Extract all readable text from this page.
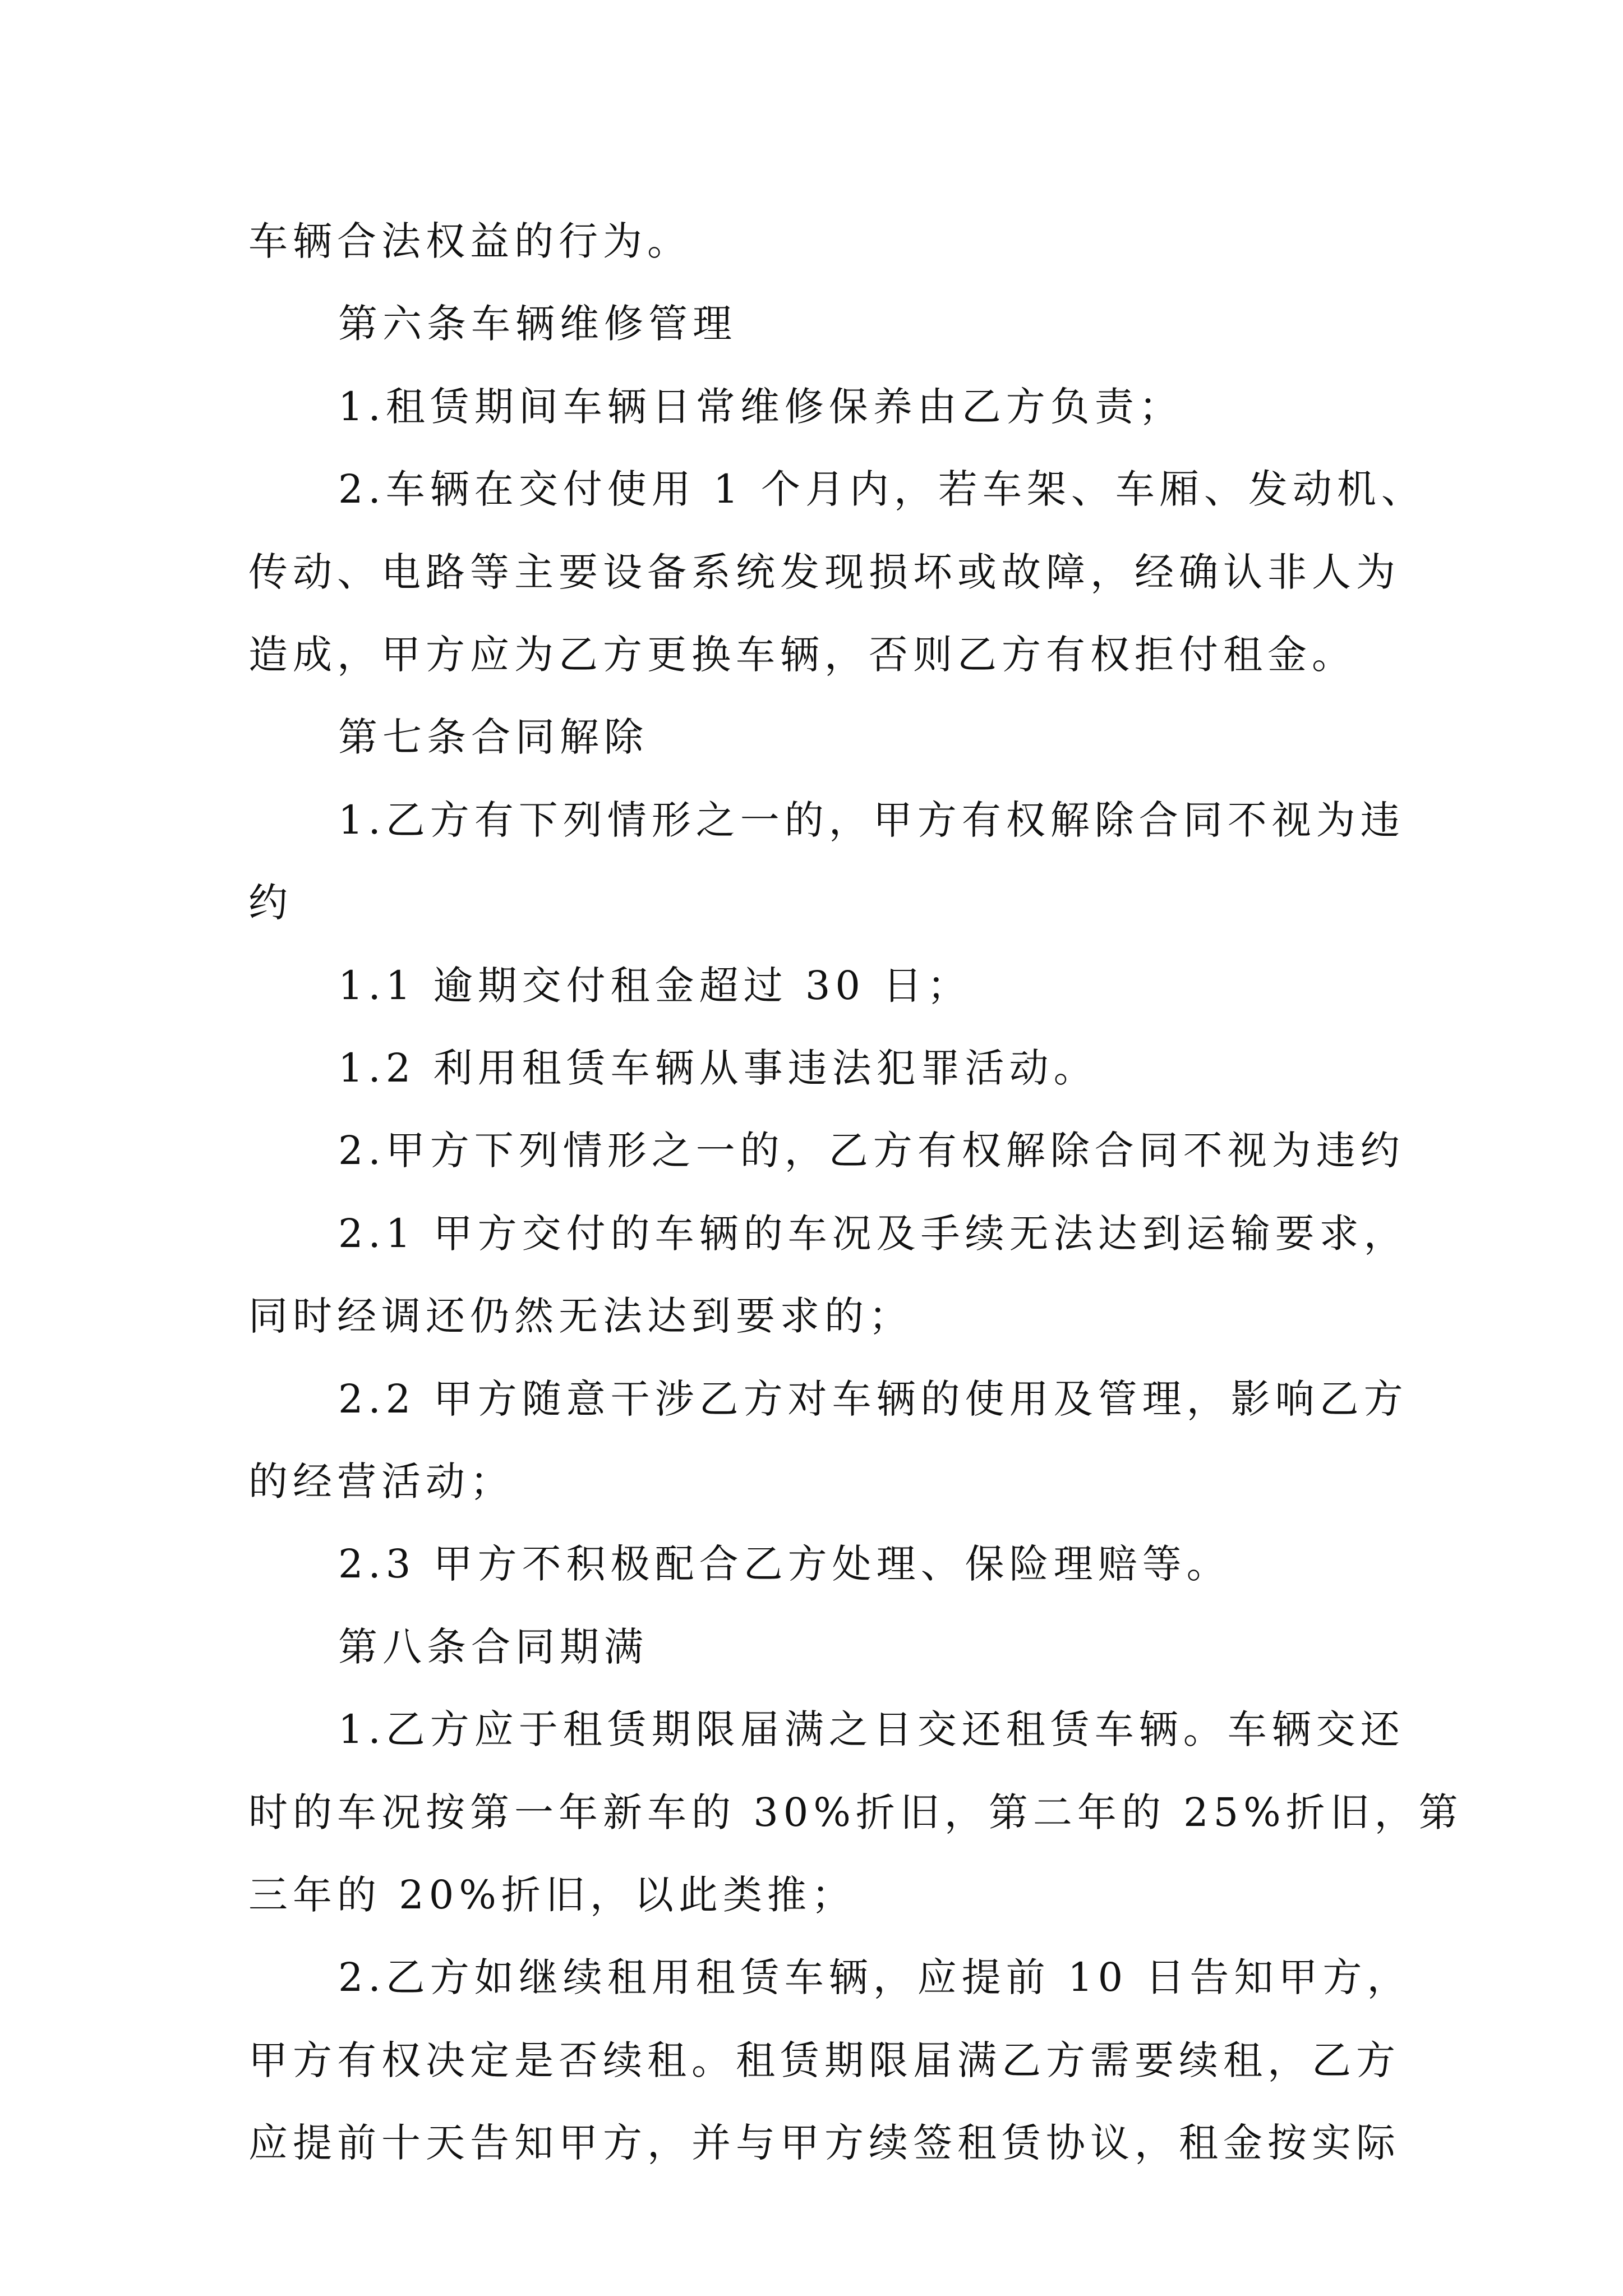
车辆合法权益的行为。
第六条车辆维修管理
1.租赁期间车辆日常维修保养由乙方负责；
2.车辆在交付使用 1 个月内，若车架、车厢、发动机、
传动、电路等主要设备系统发现损坏或故障，经确认非人为
造成，甲方应为乙方更换车辆，否则乙方有权拒付租金。
第七条合同解除
1.乙方有下列情形之一的，甲方有权解除合同不视为违
约
1.1 逾期交付租金超过 30 日；
1.2 利用租赁车辆从事违法犯罪活动。
2.甲方下列情形之一的，乙方有权解除合同不视为违约
2.1 甲方交付的车辆的车况及手续无法达到运输要求，
同时经调还仍然无法达到要求的；
2.2 甲方随意干涉乙方对车辆的使用及管理，影响乙方
的经营活动；
2.3 甲方不积极配合乙方处理、保险理赔等。
第八条合同期满
1.乙方应于租赁期限届满之日交还租赁车辆。车辆交还
时的车况按第一年新车的 30%折旧，第二年的 25%折旧，第
三年的 20%折旧，以此类推；
2.乙方如继续租用租赁车辆，应提前 10 日告知甲方，
甲方有权决定是否续租。租赁期限届满乙方需要续租，乙方
应提前十天告知甲方，并与甲方续签租赁协议，租金按实际
